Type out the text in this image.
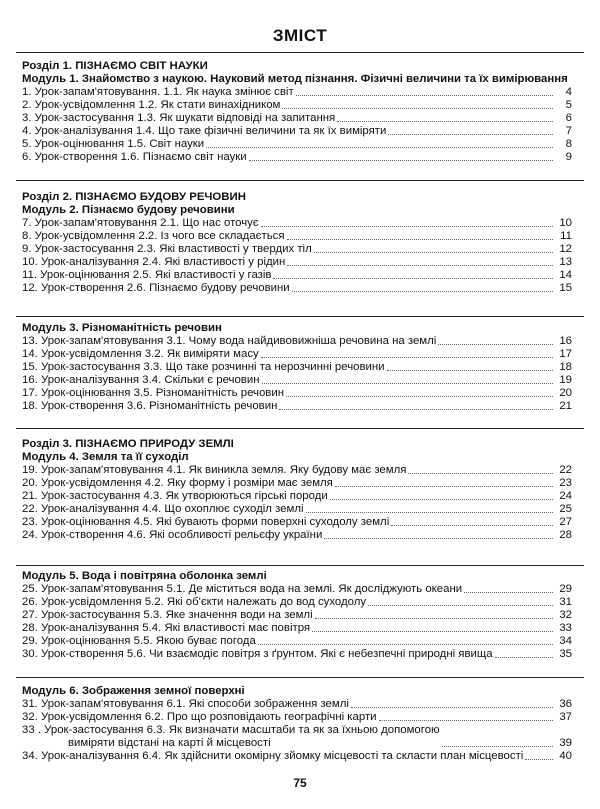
ЗМІСТ
Розділ 1. ПІЗНАЄМО СВІТ НАУКИ
Модуль 1. Знайомство з наукою. Науковий метод пізнання. Фізичні величини та їх вимірювання
1. Урок-запам'ятовування. 1.1. Як наука змінює світ	4
2. Урок-усвідомлення 1.2. Як стати винахідником	5
3. Урок-застосування 1.3. Як шукати відповіді на запитання	6
4. Урок-аналізування 1.4. Що таке фізичні величини та як їх виміряти	7
5. Урок-оцінювання 1.5. Світ науки	8
6. Урок-створення 1.6. Пізнаємо світ науки	9
Розділ 2. ПІЗНАЄМО БУДОВУ РЕЧОВИН
Модуль 2. Пізнаємо будову речовини
7. Урок-запам'ятовування 2.1. Що нас оточує	10
8. Урок-усвідомлення 2.2. Із чого все складається	11
9. Урок-застосування 2.3. Які властивості у твердих тіл	12
10. Урок-аналізування 2.4. Які властивості у рідин	13
11. Урок-оцінювання 2.5. Які властивості у газів	14
12. Урок-створення 2.6. Пізнаємо будову речовини	15
Модуль 3. Різноманітність речовин
13. Урок-запам'ятовування 3.1. Чому вода найдивовижніша речовина на землі	16
14. Урок-усвідомлення 3.2. Як виміряти масу	17
15. Урок-застосування 3.3. Що таке розчинні та нерозчинні речовини	18
16. Урок-аналізування 3.4. Скільки є речовин	19
17. Урок-оцінювання 3.5. Різноманітність речовин	20
18. Урок-створення 3.6. Різноманітність речовин	21
Розділ 3. ПІЗНАЄМО ПРИРОДУ ЗЕМЛІ
Модуль 4. Земля та її суходіл
19. Урок-запам'ятовування 4.1. Як виникла земля. Яку будову має земля	22
20. Урок-усвідомлення 4.2. Яку форму і розміри має земля	23
21. Урок-застосування 4.3. Як утворюються гірські породи	24
22. Урок-аналізування 4.4. Що охоплює суходіл землі	25
23. Урок-оцінювання 4.5. Які бувають форми поверхні суходолу землі	27
24. Урок-створення 4.6. Які особливості рельєфу україни	28
Модуль 5. Вода і повітряна оболонка землі
25. Урок-запам'ятовування 5.1. Де міститься вода на землі. Як досліджують океани	29
26. Урок-усвідомлення 5.2. Які об'єкти належать до вод суходолу	31
27. Урок-застосування 5.3. Яке значення води на землі	32
28. Урок-аналізування 5.4. Які властивості має повітря	33
29. Урок-оцінювання 5.5. Якою буває погода	34
30. Урок-створення 5.6. Чи взаємодіє повітря з ґрунтом. Які є небезпечні природні явища	35
Модуль 6. Зображення земної поверхні
31. Урок-запам'ятовування 6.1. Які способи зображення землі	36
32. Урок-усвідомлення 6.2. Про що розповідають географічні карти	37
33 . Урок-застосування 6.3. Як визначати масштаби та як за їхньою допомогою
виміряти відстані на карті й місцевості	39
34. Урок-аналізування 6.4. Як здійснити окомірну зйомку місцевості та скласти план місцевості	40
75
